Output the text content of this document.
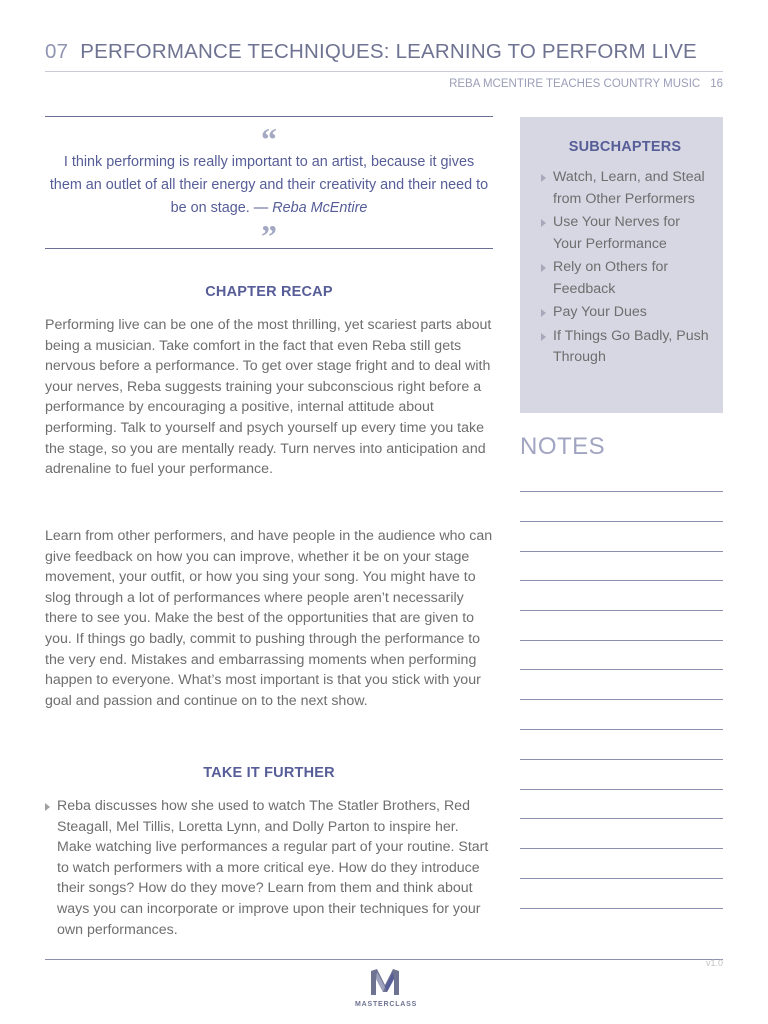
07 PERFORMANCE TECHNIQUES: LEARNING TO PERFORM LIVE
REBA MCENTIRE TEACHES COUNTRY MUSIC 16
“
I think performing is really important to an artist, because it gives them an outlet of all their energy and their creativity and their need to be on stage. — Reba McEntire
”
CHAPTER RECAP

Performing live can be one of the most thrilling, yet scariest parts about being a musician. Take comfort in the fact that even Reba still gets nervous before a performance. To get over stage fright and to deal with your nerves, Reba suggests training your subconscious right before a performance by encouraging a positive, internal attitude about performing. Talk to yourself and psych yourself up every time you take the stage, so you are mentally ready. Turn nerves into anticipation and adrenaline to fuel your performance.

Learn from other performers, and have people in the audience who can give feedback on how you can improve, whether it be on your stage movement, your outfit, or how you sing your song. You might have to slog through a lot of performances where people aren’t necessarily there to see you. Make the best of the opportunities that are given to you. If things go badly, commit to pushing through the performance to the very end. Mistakes and embarrassing moments when performing happen to everyone. What’s most important is that you stick with your goal and passion and continue on to the next show.

TAKE IT FURTHER
Reba discusses how she used to watch The Statler Brothers, Red Steagall, Mel Tillis, Loretta Lynn, and Dolly Parton to inspire her. Make watching live performances a regular part of your routine. Start to watch performers with a more critical eye. How do they introduce their songs? How do they move? Learn from them and think about ways you can incorporate or improve upon their techniques for your own performances.
SUBCHAPTERS
Watch, Learn, and Steal from Other Performers
Use Your Nerves for Your Performance
Rely on Others for Feedback
Pay Your Dues
If Things Go Badly, Push Through
NOTES
v1.0
MASTERCLASS
